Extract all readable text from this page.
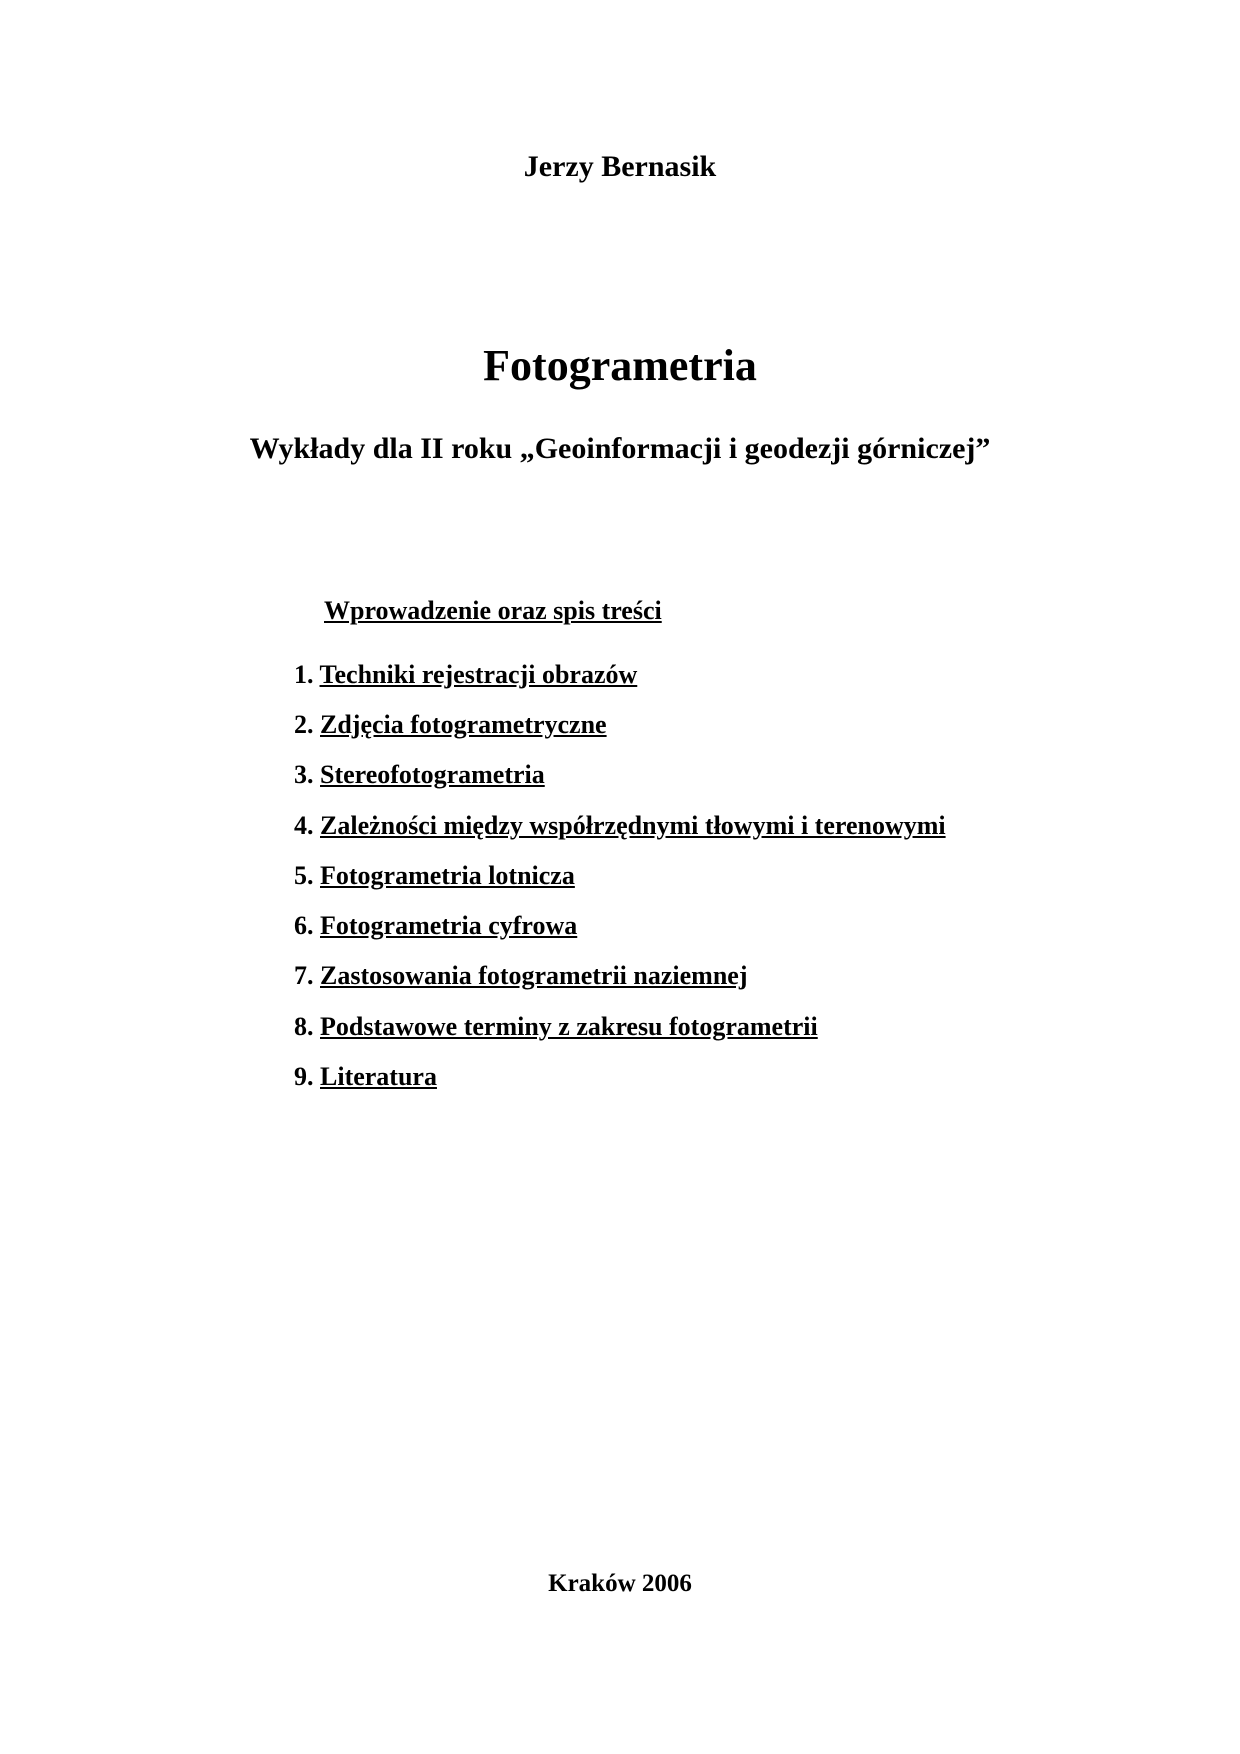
Jerzy Bernasik
Fotogrametria
Wykłady dla II roku „Geoinformacji i geodezji górniczej”
Wprowadzenie oraz spis treści
1. Techniki rejestracji obrazów
2. Zdjęcia fotogrametryczne
3. Stereofotogrametria
4. Zależności między współrzędnymi tłowymi i terenowymi
5. Fotogrametria lotnicza
6. Fotogrametria cyfrowa
7. Zastosowania fotogrametrii naziemnej
8. Podstawowe terminy z zakresu fotogrametrii
9. Literatura
Kraków 2006
